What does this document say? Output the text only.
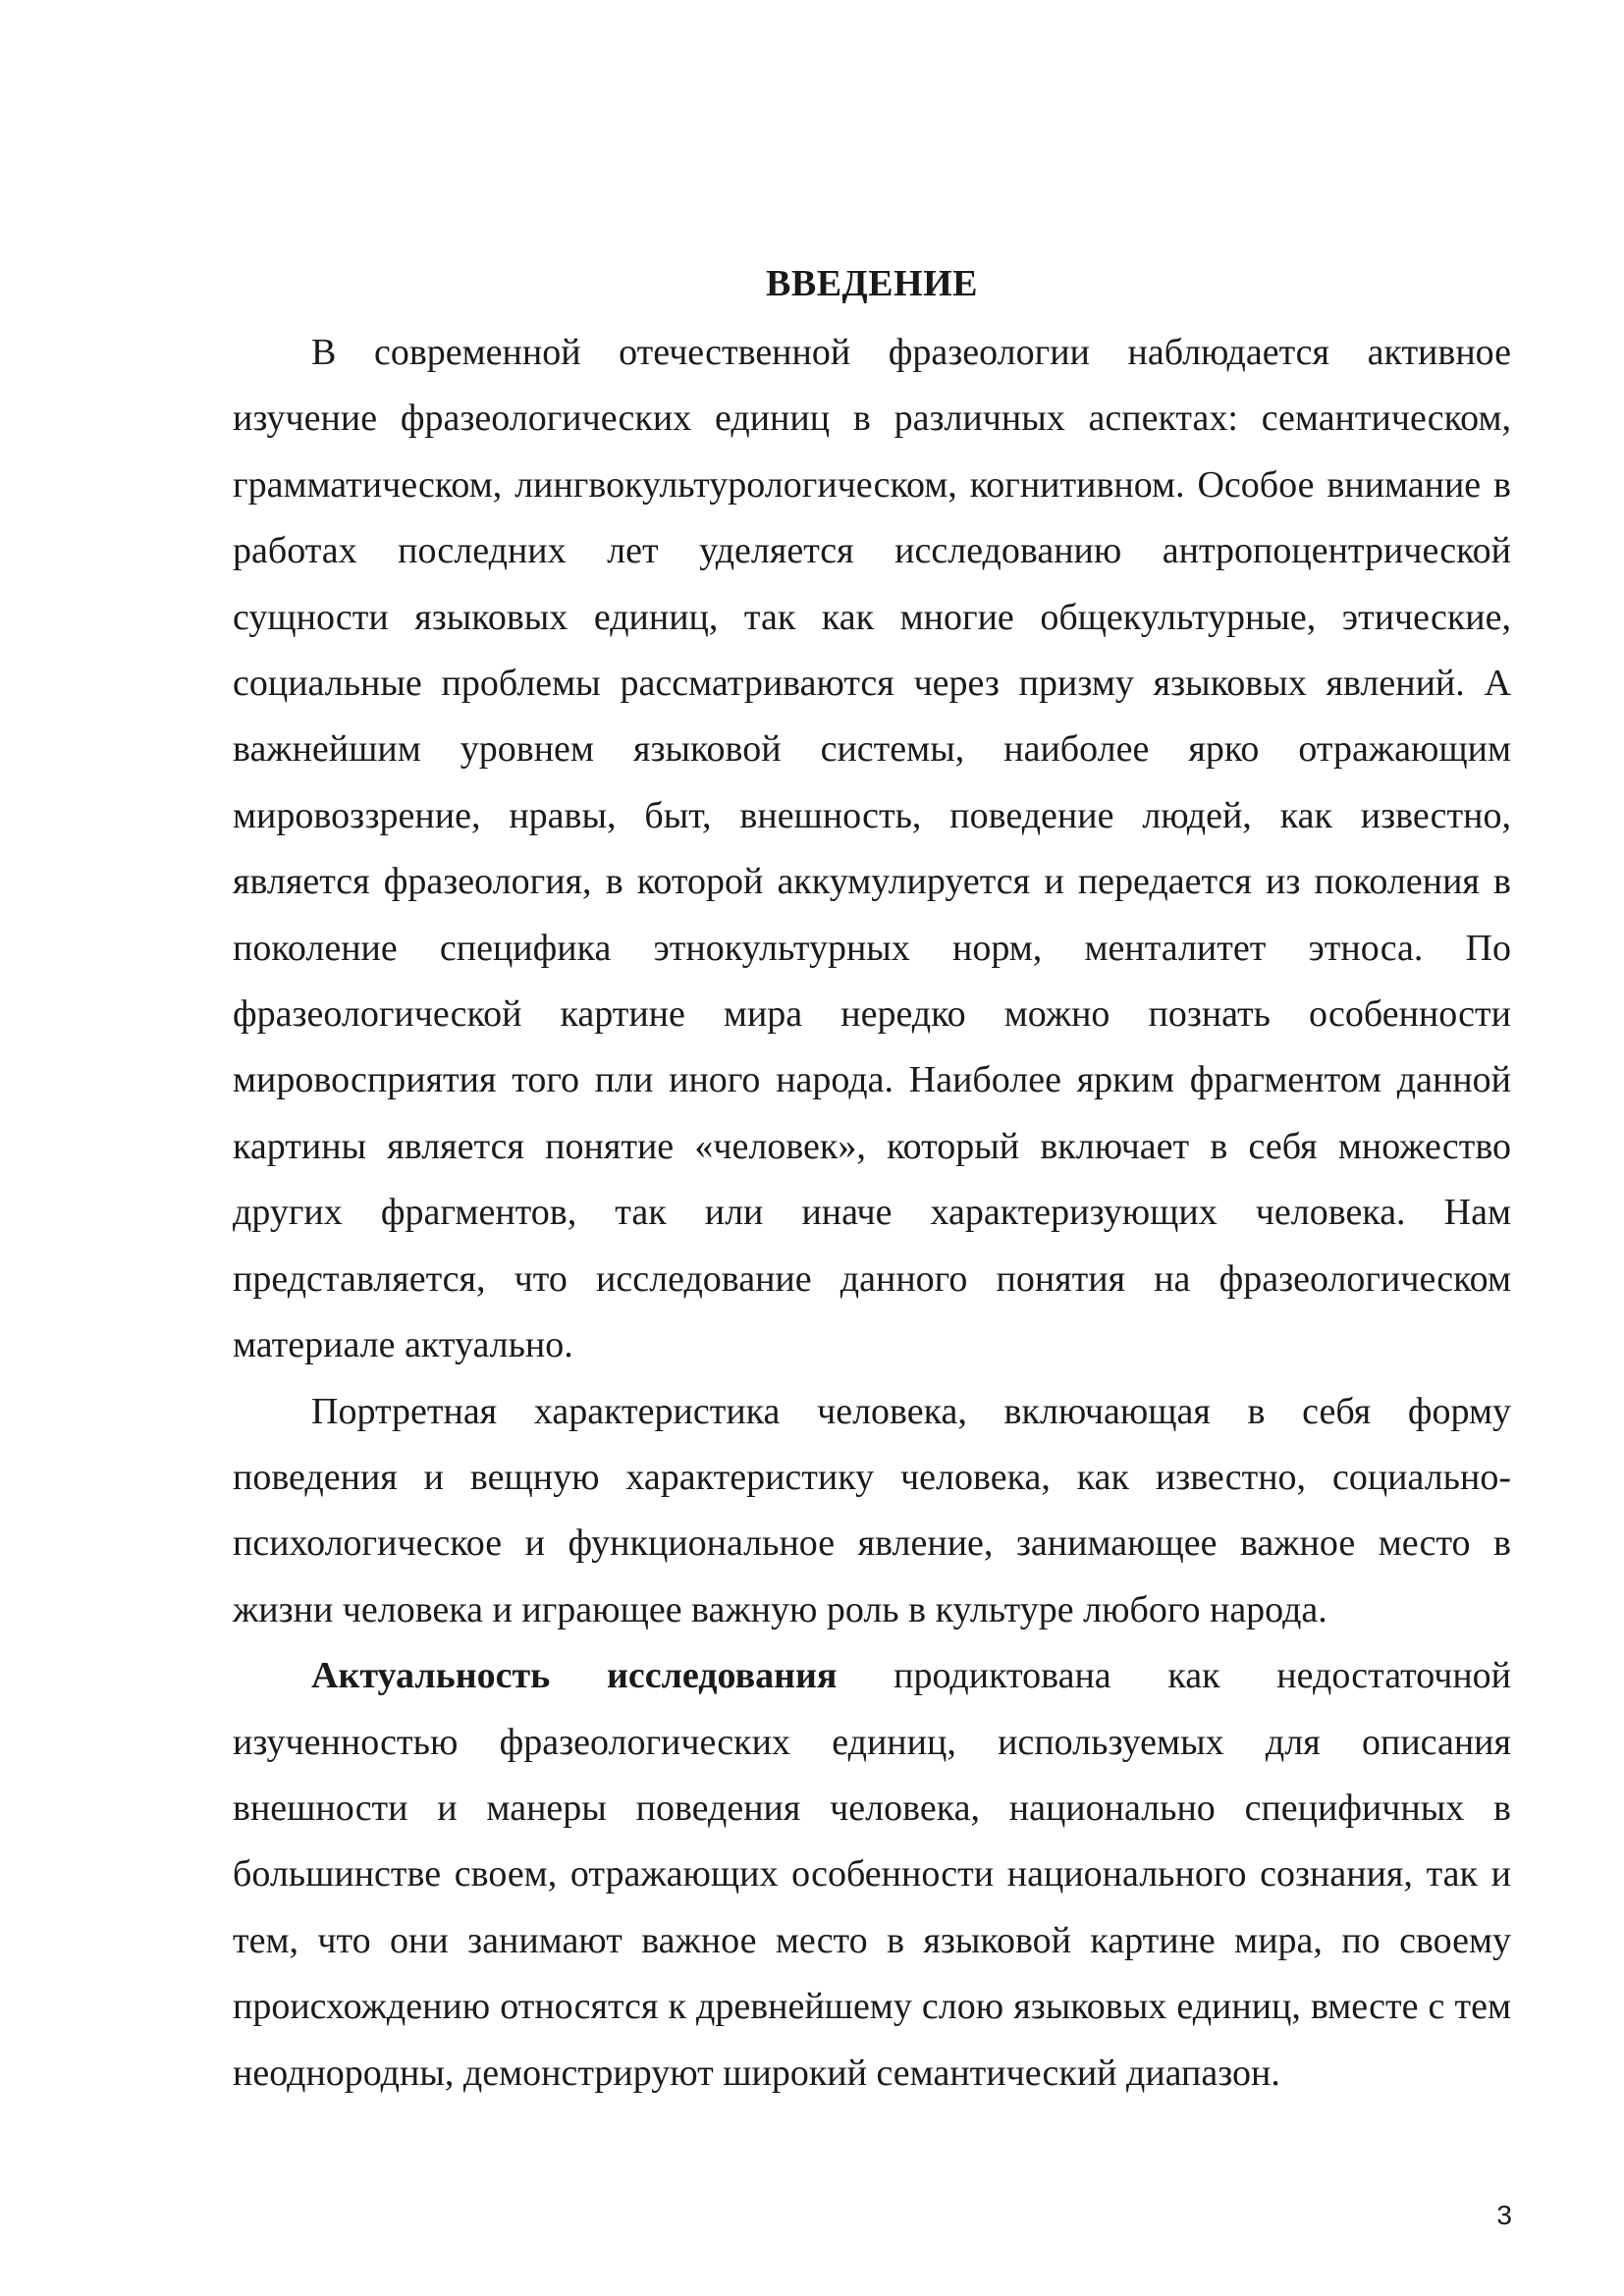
ВВЕДЕНИЕ

В современной отечественной фразеологии наблюдается активное изучение фразеологических единиц в различных аспектах: семантическом, грамматическом, лингвокультурологическом, когнитивном. Особое внимание в работах последних лет уделяется исследованию антропоцентрической сущности языковых единиц, так как многие общекультурные, этические, социальные проблемы рассматриваются через призму языковых явлений. А важнейшим уровнем языковой системы, наиболее ярко отражающим мировоззрение, нравы, быт, внешность, поведение людей, как известно, является фразеология, в которой аккумулируется и передается из поколения в поколение специфика этнокультурных норм, менталитет этноса. По фразеологической картине мира нередко можно познать особенности мировосприятия того пли иного народа. Наиболее ярким фрагментом данной картины является понятие «человек», который включает в себя множество других фрагментов, так или иначе характеризующих человека. Нам представляется, что исследование данного понятия на фразеологическом материале актуально.

Портретная характеристика человека, включающая в себя форму поведения и вещную характеристику человека, как известно, социально-психологическое и функциональное явление, занимающее важное место в жизни человека и играющее важную роль в культуре любого народа.

Актуальность исследования продиктована как недостаточной изученностью фразеологических единиц, используемых для описания внешности и манеры поведения человека, национально специфичных в большинстве своем, отражающих особенности национального сознания, так и тем, что они занимают важное место в языковой картине мира, по своему происхождению относятся к древнейшему слою языковых единиц, вместе с тем неоднородны, демонстрируют широкий семантический диапазон.

3
